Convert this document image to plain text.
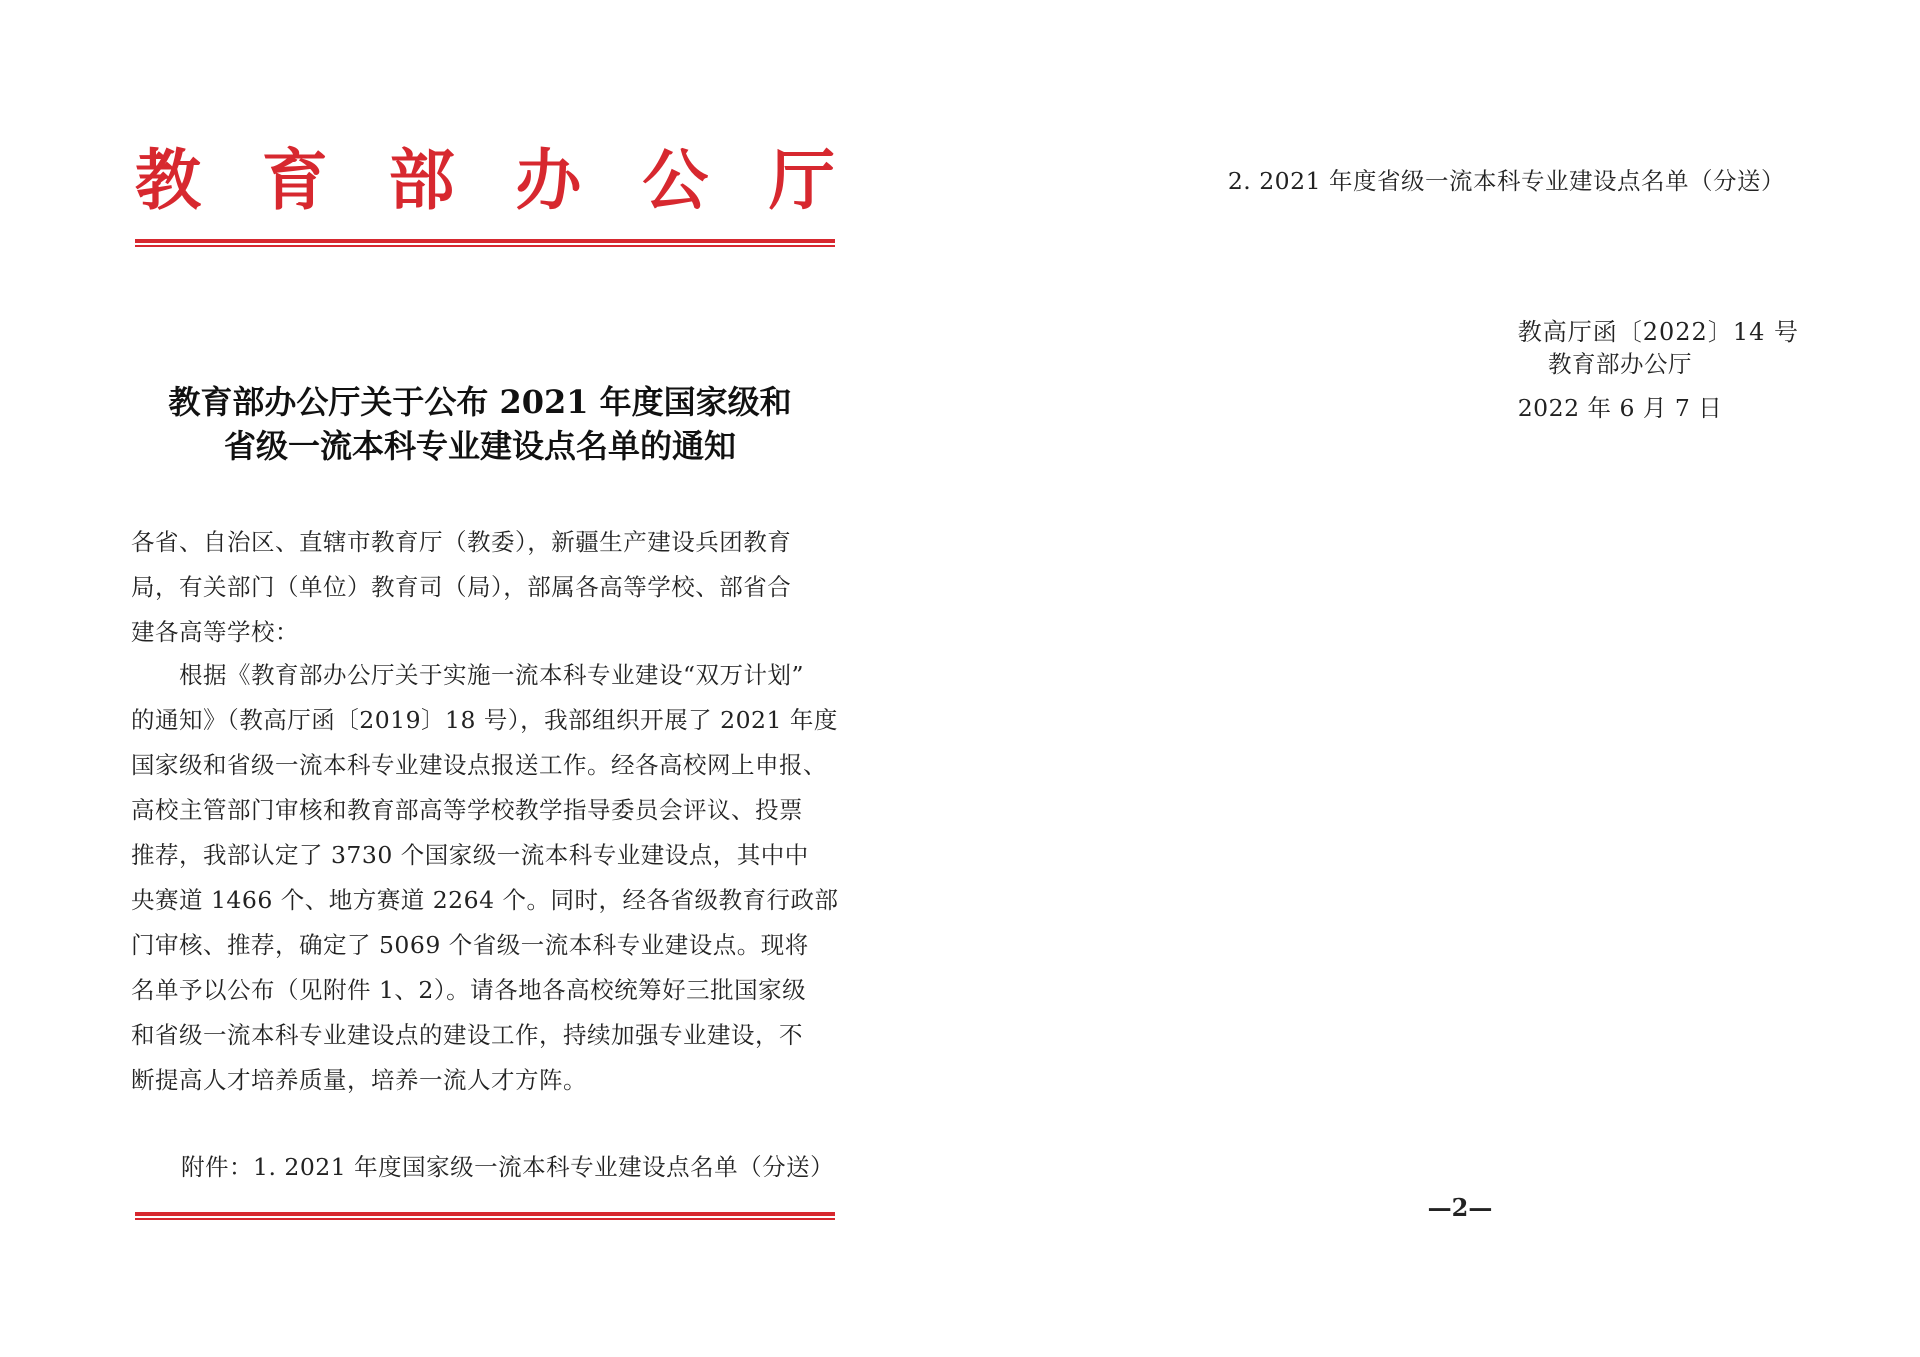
教 育 部 办 公 厅
教高厅函〔2022〕14 号
教育部办公厅关于公布 2021 年度国家级和
省级一流本科专业建设点名单的通知
各省、自治区、直辖市教育厅（教委），新疆生产建设兵团教育
局，有关部门（单位）教育司（局），部属各高等学校、部省合
建各高等学校：
　　根据《教育部办公厅关于实施一流本科专业建设“双万计划”
的通知》（教高厅函〔2019〕18 号），我部组织开展了 2021 年度
国家级和省级一流本科专业建设点报送工作。经各高校网上申报、
高校主管部门审核和教育部高等学校教学指导委员会评议、投票
推荐，我部认定了 3730 个国家级一流本科专业建设点，其中中
央赛道 1466 个、地方赛道 2264 个。同时，经各省级教育行政部
门审核、推荐，确定了 5069 个省级一流本科专业建设点。现将
名单予以公布（见附件 1、2）。请各地各高校统筹好三批国家级
和省级一流本科专业建设点的建设工作，持续加强专业建设，不
断提高人才培养质量，培养一流人才方阵。
附件：1. 2021 年度国家级一流本科专业建设点名单（分送）
2. 2021 年度省级一流本科专业建设点名单（分送）
教育部办公厅
2022 年 6 月 7 日
—2—
